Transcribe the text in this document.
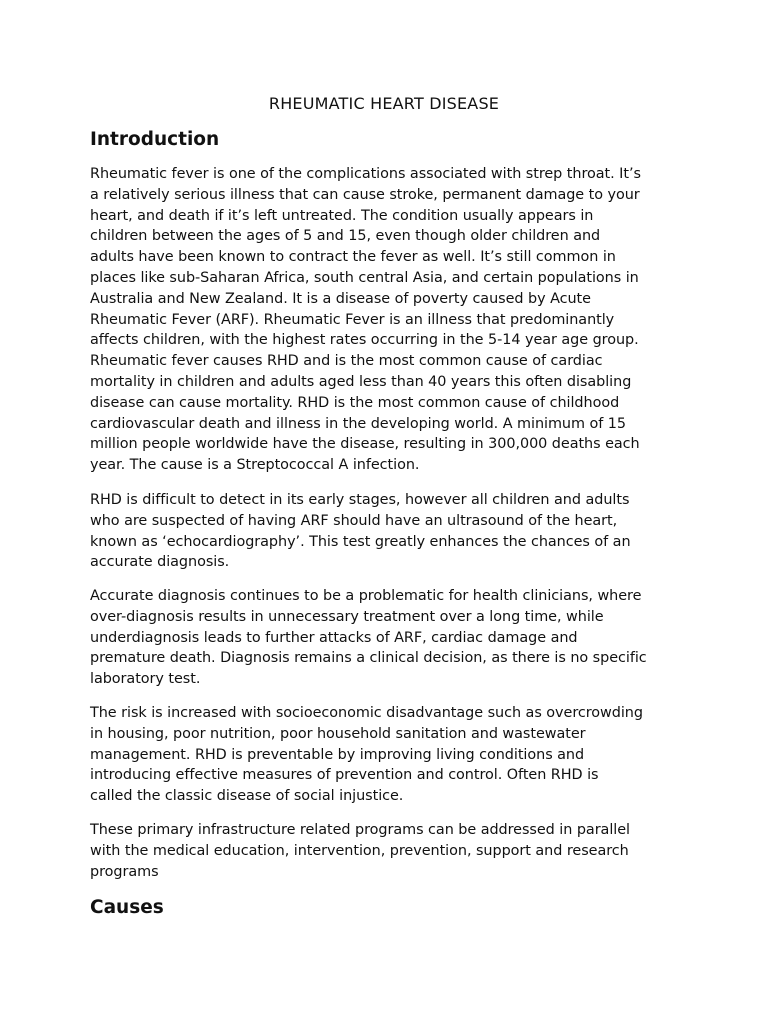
RHEUMATIC HEART DISEASE
Introduction

Rheumatic fever is one of the complications associated with strep throat. It’s
a relatively serious illness that can cause stroke, permanent damage to your
heart, and death if it’s left untreated. The condition usually appears in
children between the ages of 5 and 15, even though older children and
adults have been known to contract the fever as well. It’s still common in
places like sub-Saharan Africa, south central Asia, and certain populations in
Australia and New Zealand. It is a disease of poverty caused by Acute
Rheumatic Fever (ARF). Rheumatic Fever is an illness that predominantly
affects children, with the highest rates occurring in the 5-14 year age group.
Rheumatic fever causes RHD and is the most common cause of cardiac
mortality in children and adults aged less than 40 years this often disabling
disease can cause mortality. RHD is the most common cause of childhood
cardiovascular death and illness in the developing world. A minimum of 15
million people worldwide have the disease, resulting in 300,000 deaths each
year. The cause is a Streptococcal A infection.

RHD is difficult to detect in its early stages, however all children and adults
who are suspected of having ARF should have an ultrasound of the heart,
known as ‘echocardiography’. This test greatly enhances the chances of an
accurate diagnosis.

Accurate diagnosis continues to be a problematic for health clinicians, where
over-diagnosis results in unnecessary treatment over a long time, while
underdiagnosis leads to further attacks of ARF, cardiac damage and
premature death. Diagnosis remains a clinical decision, as there is no specific
laboratory test.

The risk is increased with socioeconomic disadvantage such as overcrowding
in housing, poor nutrition, poor household sanitation and wastewater
management. RHD is preventable by improving living conditions and
introducing effective measures of prevention and control. Often RHD is
called the classic disease of social injustice.

These primary infrastructure related programs can be addressed in parallel
with the medical education, intervention, prevention, support and research
programs

Causes
